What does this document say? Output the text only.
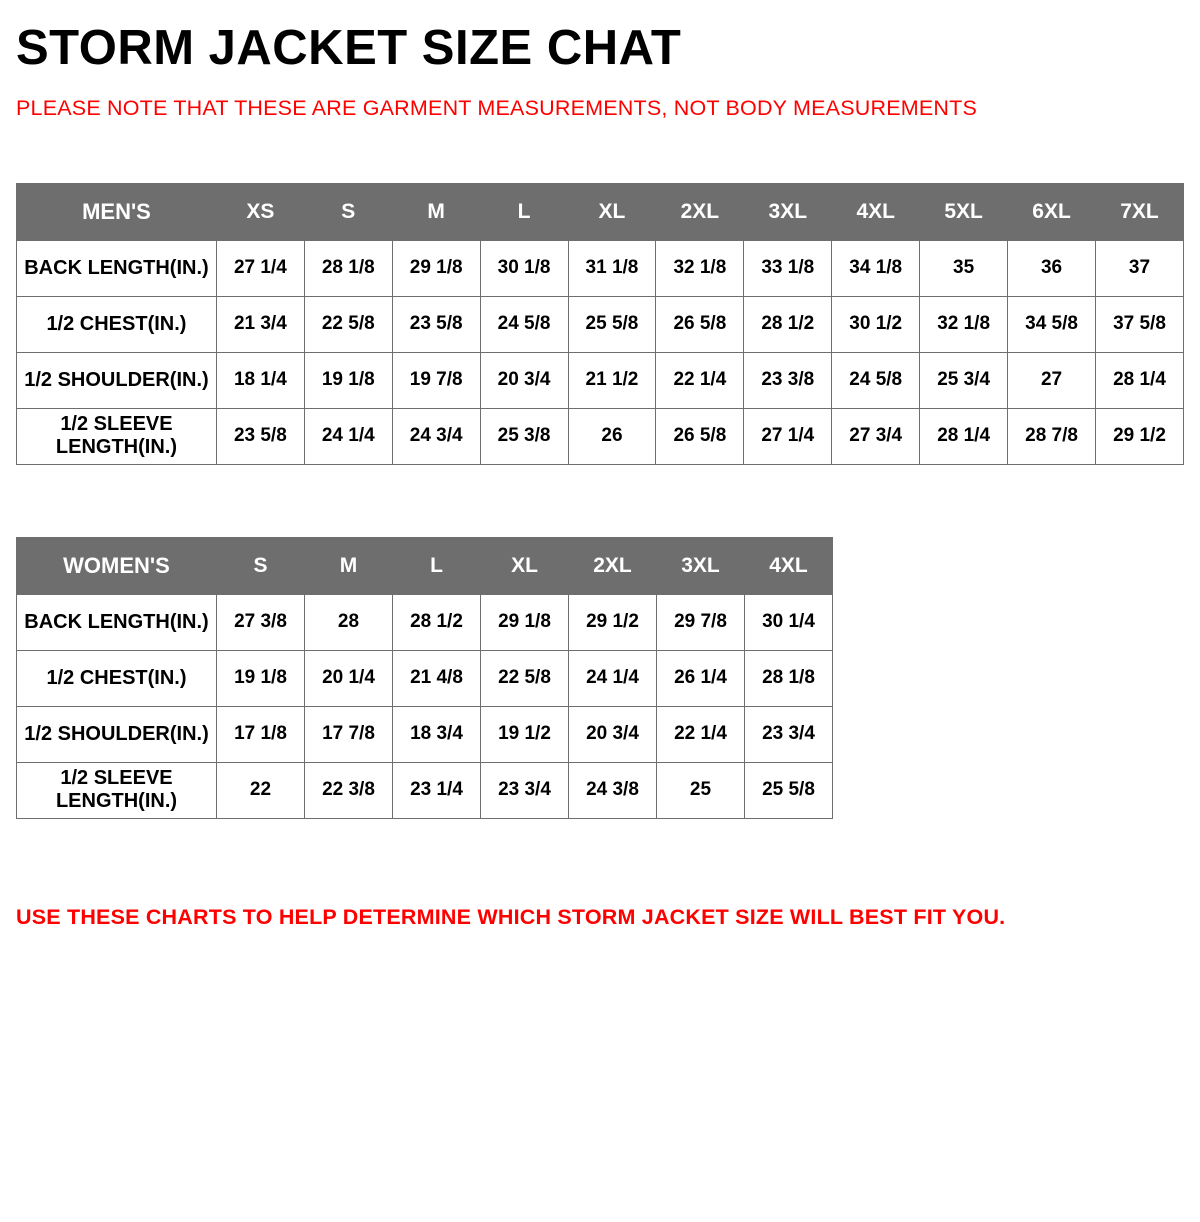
STORM JACKET SIZE CHAT
PLEASE NOTE THAT THESE ARE GARMENT MEASUREMENTS, NOT BODY MEASUREMENTS
MEN'S	XS	S	M	L	XL	2XL	3XL	4XL	5XL	6XL	7XL
BACK LENGTH(IN.)	27 1/4	28 1/8	29 1/8	30 1/8	31 1/8	32 1/8	33 1/8	34 1/8	35	36	37
1/2 CHEST(IN.)	21 3/4	22 5/8	23 5/8	24 5/8	25 5/8	26 5/8	28 1/2	30 1/2	32 1/8	34 5/8	37 5/8
1/2 SHOULDER(IN.)	18 1/4	19 1/8	19 7/8	20 3/4	21 1/2	22 1/4	23 3/8	24 5/8	25 3/4	27	28 1/4
1/2 SLEEVE LENGTH(IN.)	23 5/8	24 1/4	24 3/4	25 3/8	26	26 5/8	27 1/4	27 3/4	28 1/4	28 7/8	29 1/2
WOMEN'S	S	M	L	XL	2XL	3XL	4XL
BACK LENGTH(IN.)	27 3/8	28	28 1/2	29 1/8	29 1/2	29 7/8	30 1/4
1/2 CHEST(IN.)	19 1/8	20 1/4	21 4/8	22 5/8	24 1/4	26 1/4	28 1/8
1/2 SHOULDER(IN.)	17 1/8	17 7/8	18 3/4	19 1/2	20 3/4	22 1/4	23 3/4
1/2 SLEEVE LENGTH(IN.)	22	22 3/8	23 1/4	23 3/4	24 3/8	25	25 5/8
USE THESE CHARTS TO HELP DETERMINE WHICH STORM JACKET SIZE WILL BEST FIT YOU.
